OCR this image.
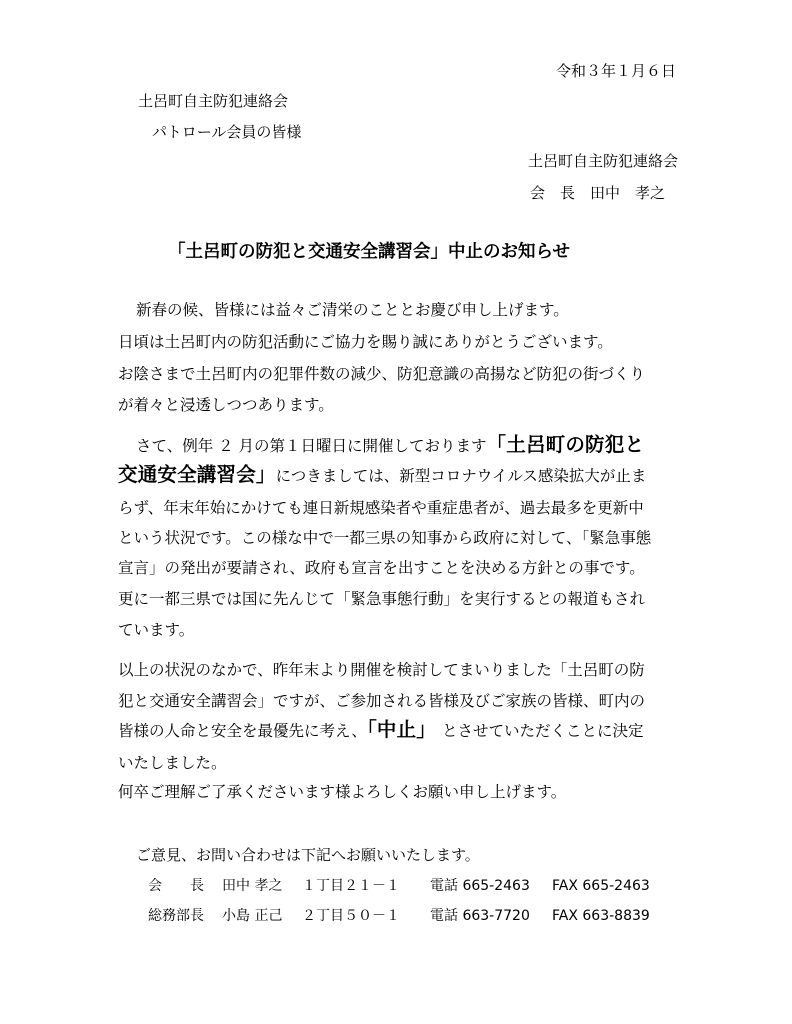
令和３年１月６日
土呂町自主防犯連絡会
パトロール会員の皆様
土呂町自主防犯連絡会
会　長　田中　孝之
「土呂町の防犯と交通安全講習会」中止のお知らせ
新春の候、皆様には益々ご清栄のこととお慶び申し上げます。
日頃は土呂町内の防犯活動にご協力を賜り誠にありがとうございます。
お陰さまで土呂町内の犯罪件数の減少、防犯意識の高揚など防犯の街づくり
が着々と浸透しつつあります。
さて、例年 ２ 月の第１日曜日に開催しております「土呂町の防犯と
交通安全講習会」につきましては、新型コロナウイルス感染拡大が止ま
らず、年末年始にかけても連日新規感染者や重症患者が、過去最多を更新中
という状況です。この様な中で一都三県の知事から政府に対して、「緊急事態
宣言」の発出が要請され、政府も宣言を出すことを決める方針との事です。
更に一都三県では国に先んじて「緊急事態行動」を実行するとの報道もされ
ています。
以上の状況のなかで、昨年末より開催を検討してまいりました「土呂町の防
犯と交通安全講習会」ですが、ご参加される皆様及びご家族の皆様、町内の
皆様の人命と安全を最優先に考え、「中止」 とさせていただくことに決定
いたしました。
何卒ご理解ご了承くださいます様よろしくお願い申し上げます。
ご意見、お問い合わせは下記へお願いいたします。
会　　長 田中 孝之 １丁目２１－１ 電話 665-2463 FAX 665-2463
総務部長 小島 正己 ２丁目５０－１ 電話 663-7720 FAX 663-8839
